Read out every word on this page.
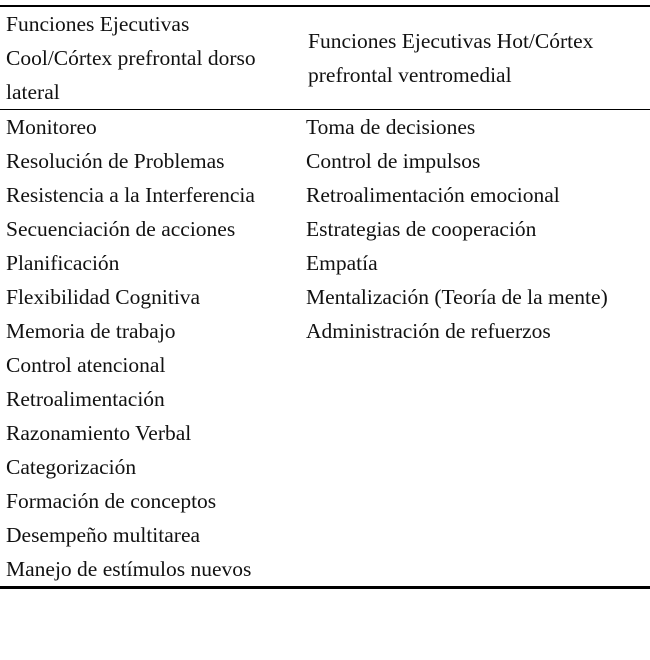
Funciones Ejecutivas Cool/Córtex prefrontal dorso lateral	Funciones Ejecutivas Hot/Córtex prefrontal ventromedial
Monitoreo	Toma de decisiones
Resolución de Problemas	Control de impulsos
Resistencia a la Interferencia	Retroalimentación emocional
Secuenciación de acciones	Estrategias de cooperación
Planificación	Empatía
Flexibilidad Cognitiva	Mentalización (Teoría de la mente)
Memoria de trabajo	Administración de refuerzos
Control atencional	
Retroalimentación	
Razonamiento Verbal	
Categorización	
Formación de conceptos	
Desempeño multitarea	
Manejo de estímulos nuevos	
